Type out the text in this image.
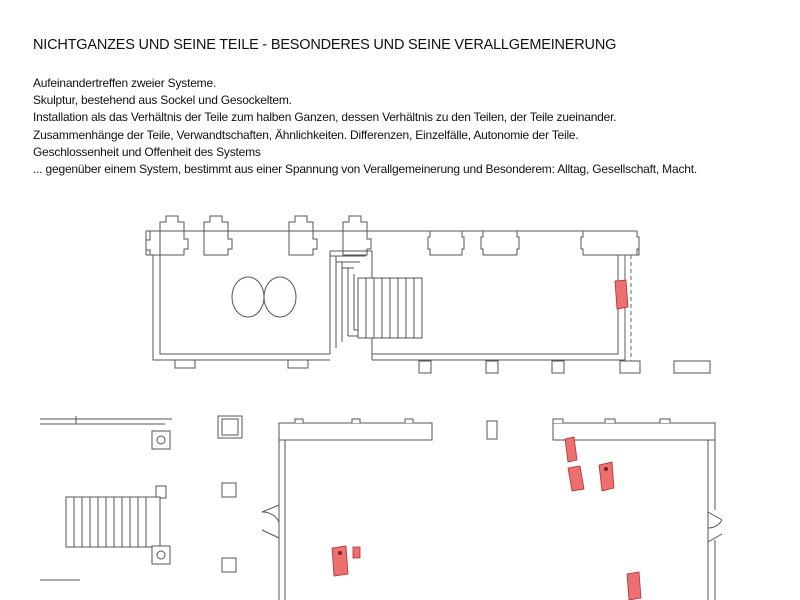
NICHTGANZES UND SEINE TEILE - BESONDERES UND SEINE VERALLGEMEINERUNG
Aufeinandertreffen zweier Systeme.
Skulptur, bestehend aus Sockel und Gesockeltem.
Installation als das Verhältnis der Teile zum halben Ganzen, dessen Verhältnis zu den Teilen, der Teile zueinander.
Zusammenhänge der Teile, Verwandtschaften, Ähnlichkeiten. Differenzen, Einzelfälle, Autonomie der Teile.
Geschlossenheit und Offenheit des Systems
... gegenüber einem System, bestimmt aus einer Spannung von Verallgemeinerung und Besonderem: Alltag, Gesellschaft, Macht.
